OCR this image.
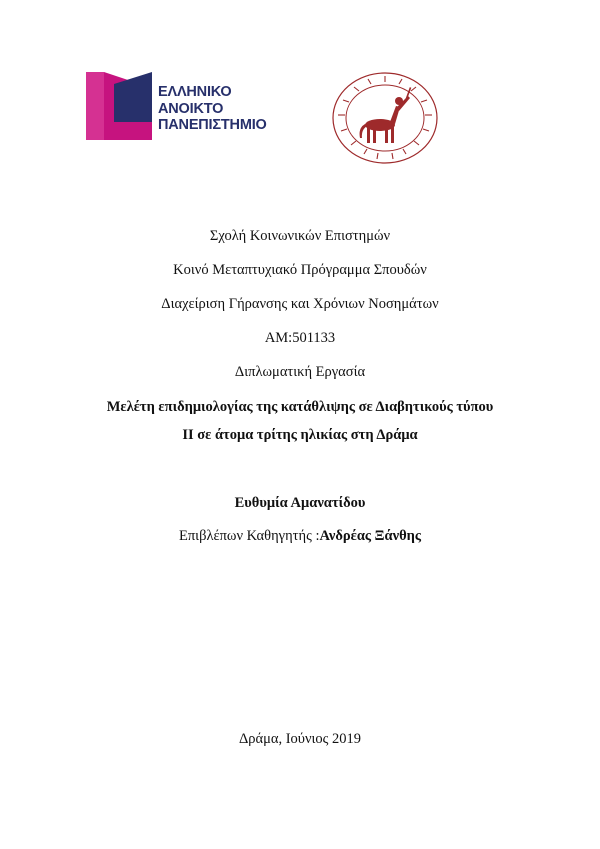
ΕΛΛΗΝΙΚΟ
ΑΝΟΙΚΤΟ
ΠΑΝΕΠΙΣΤΗΜΙΟ
Σχολή Κοινωνικών Επιστημών
Κοινό Μεταπτυχιακό Πρόγραμμα Σπουδών
Διαχείριση Γήρανσης και Χρόνιων Νοσημάτων
ΑΜ:501133
Διπλωματική Εργασία
Μελέτη επιδημιολογίας της κατάθλιψης σε Διαβητικούς τύπου
ΙΙ σε άτομα τρίτης ηλικίας στη Δράμα
Ευθυμία Αμανατίδου
Επιβλέπων Καθηγητής :Ανδρέας Ξάνθης
Δράμα, Ιούνιος 2019
